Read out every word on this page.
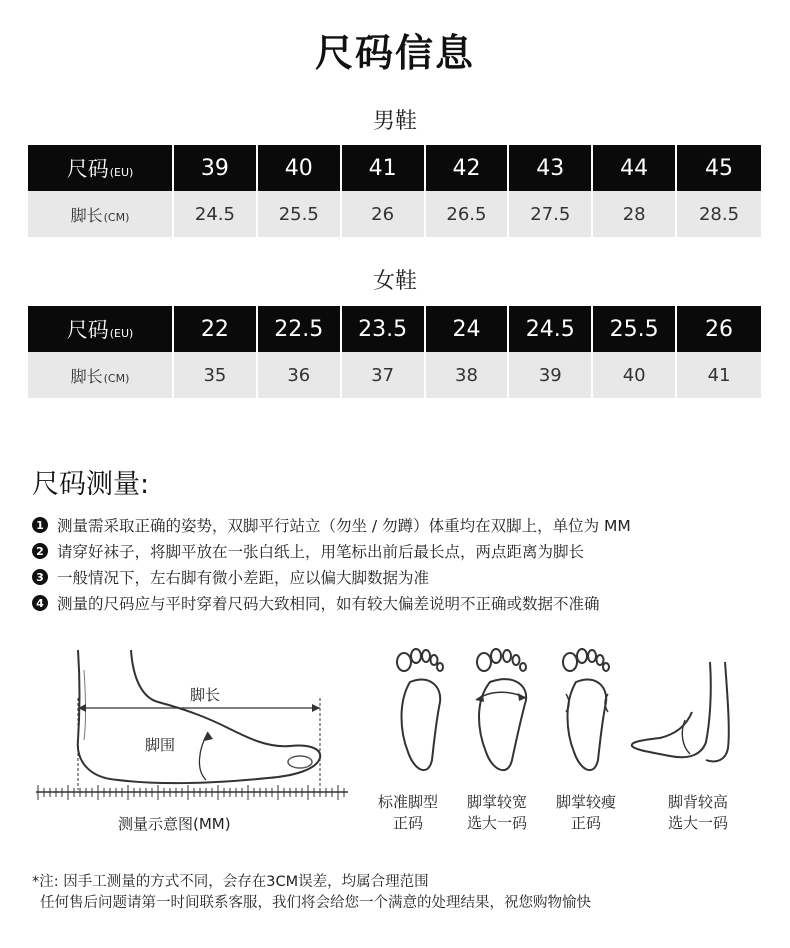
尺码信息
男鞋
尺码(EU)	39	40	41	42	43	44	45
脚长(CM)	24.5	25.5	26	26.5	27.5	28	28.5
女鞋
尺码(EU)	22	22.5	23.5	24	24.5	25.5	26
脚长(CM)	35	36	37	38	39	40	41
尺码测量:
1 测量需采取正确的姿势，双脚平行站立（勿坐 / 勿蹲）体重均在双脚上，单位为 MM
2 请穿好袜子，将脚平放在一张白纸上，用笔标出前后最长点，两点距离为脚长
3 一般情况下，左右脚有微小差距，应以偏大脚数据为准
4 测量的尺码应与平时穿着尺码大致相同，如有较大偏差说明不正确或数据不准确
脚长
脚围
测量示意图(MM)
标准脚型
正码
脚掌较宽
选大一码
脚掌较瘦
正码
脚背较高
选大一码
*注: 因手工测量的方式不同，会存在3CM误差，均属合理范围
任何售后问题请第一时间联系客服，我们将会给您一个满意的处理结果，祝您购物愉快
